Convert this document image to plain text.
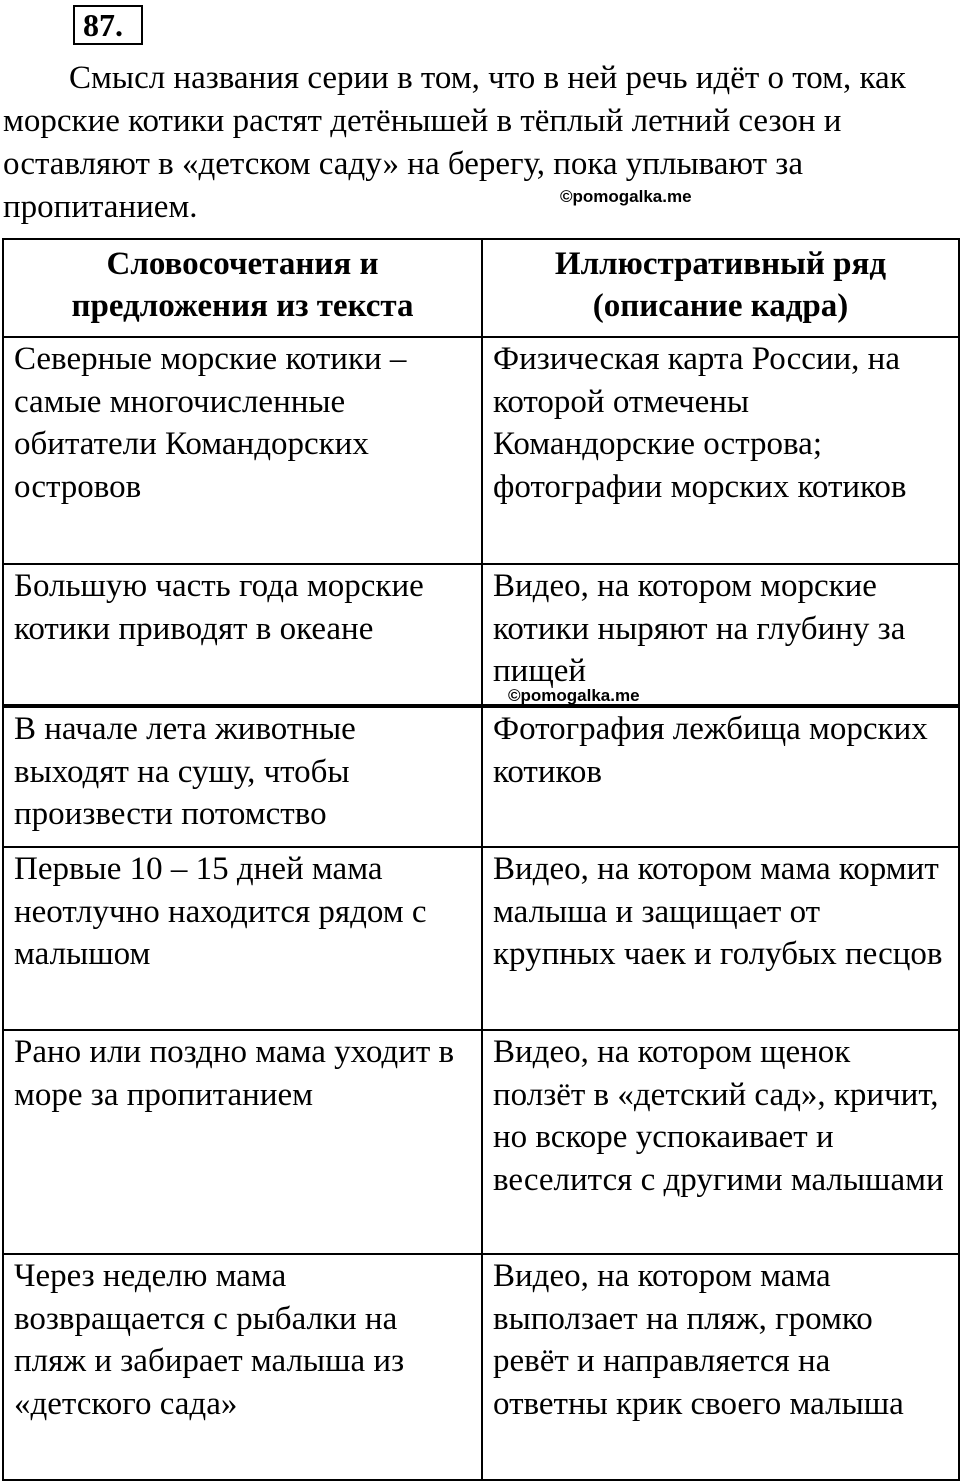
87.

Смысл названия серии в том, что в ней речь идёт о том, как морские котики растят детёнышей в тёплый летний сезон и оставляют в «детском саду» на берегу, пока уплывают за пропитанием.	©pomogalka.me
Словосочетания и предложения из текста	Иллюстративный ряд (описание кадра)
Северные морские котики – самые многочисленные обитатели Командорских островов	Физическая карта России, на которой отмечены Командорские острова; фотографии морских котиков
Большую часть года морские котики приводят в океане	Видео, на котором морские котики ныряют на глубину за пищей
©pomogalka.me
В начале лета животные выходят на сушу, чтобы произвести потомство	Фотография лежбища морских котиков
Первые 10 – 15 дней мама неотлучно находится рядом с малышом	Видео, на котором мама кормит малыша и защищает от крупных чаек и голубых песцов
Рано или поздно мама уходит в море за пропитанием	Видео, на котором щенок ползёт в «детский сад», кричит, но вскоре успокаивает и веселится с другими малышами
Через неделю мама возвращается с рыбалки на пляж и забирает малыша из «детского сада»	Видео, на котором мама выползает на пляж, громко ревёт и направляется на ответны крик своего малыша
